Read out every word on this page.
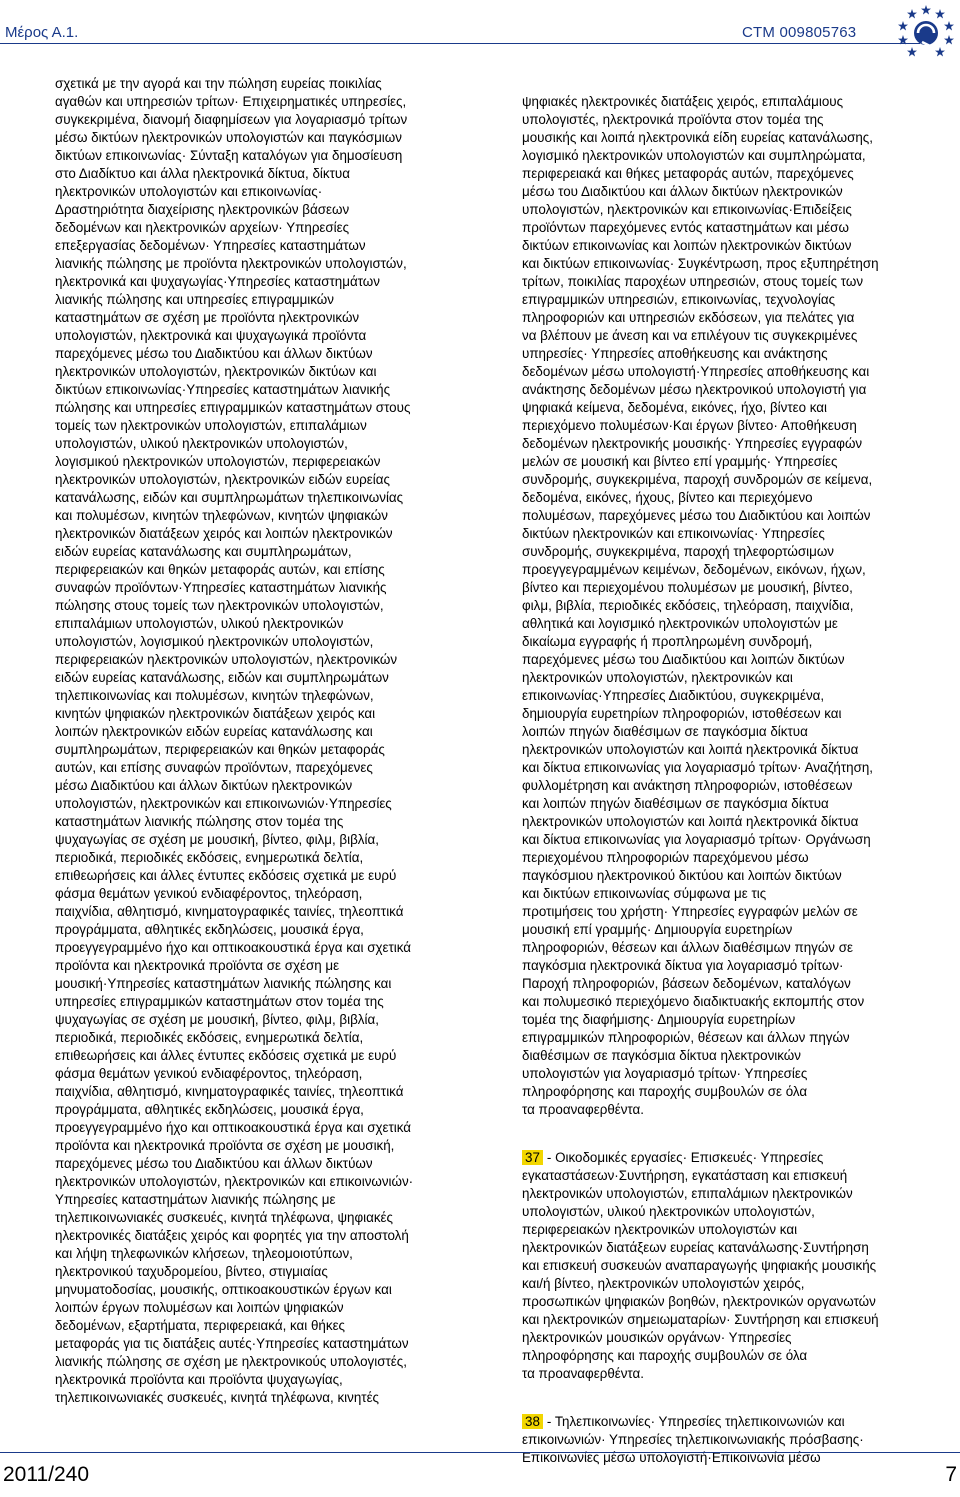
Μέρος Α.1.	CTM 009805763
σχετικά με την αγορά και την πώληση ευρείας ποικιλίας
αγαθών και υπηρεσιών τρίτων· Επιχειρηματικές υπηρεσίες,
συγκεκριμένα, διανομή διαφημίσεων για λογαριασμό τρίτων
μέσω δικτύων ηλεκτρονικών υπολογιστών και παγκόσμιων
δικτύων επικοινωνίας· Σύνταξη καταλόγων για δημοσίευση
στο Διαδίκτυο και άλλα ηλεκτρονικά δίκτυα, δίκτυα
ηλεκτρονικών υπολογιστών και επικοινωνίας·
Δραστηριότητα διαχείρισης ηλεκτρονικών βάσεων
δεδομένων και ηλεκτρονικών αρχείων· Υπηρεσίες
επεξεργασίας δεδομένων· Υπηρεσίες καταστημάτων
λιανικής πώλησης με προϊόντα ηλεκτρονικών υπολογιστών,
ηλεκτρονικά και ψυχαγωγίας·Υπηρεσίες καταστημάτων
λιανικής πώλησης και υπηρεσίες επιγραμμικών
καταστημάτων σε σχέση με προϊόντα ηλεκτρονικών
υπολογιστών, ηλεκτρονικά και ψυχαγωγικά προϊόντα
παρεχόμενες μέσω του Διαδικτύου και άλλων δικτύων
ηλεκτρονικών υπολογιστών, ηλεκτρονικών δικτύων και
δικτύων επικοινωνίας·Υπηρεσίες καταστημάτων λιανικής
πώλησης και υπηρεσίες επιγραμμικών καταστημάτων στους
τομείς των ηλεκτρονικών υπολογιστών, επιπαλάμιων
υπολογιστών, υλικού ηλεκτρονικών υπολογιστών,
λογισμικού ηλεκτρονικών υπολογιστών, περιφερειακών
ηλεκτρονικών υπολογιστών, ηλεκτρονικών ειδών ευρείας
κατανάλωσης, ειδών και συμπληρωμάτων τηλεπικοινωνίας
και πολυμέσων, κινητών τηλεφώνων, κινητών ψηφιακών
ηλεκτρονικών διατάξεων χειρός και λοιπών ηλεκτρονικών
ειδών ευρείας κατανάλωσης και συμπληρωμάτων,
περιφερειακών και θηκών μεταφοράς αυτών, και επίσης
συναφών προϊόντων·Υπηρεσίες καταστημάτων λιανικής
πώλησης στους τομείς των ηλεκτρονικών υπολογιστών,
επιπαλάμιων υπολογιστών, υλικού ηλεκτρονικών
υπολογιστών, λογισμικού ηλεκτρονικών υπολογιστών,
περιφερειακών ηλεκτρονικών υπολογιστών, ηλεκτρονικών
ειδών ευρείας κατανάλωσης, ειδών και συμπληρωμάτων
τηλεπικοινωνίας και πολυμέσων, κινητών τηλεφώνων,
κινητών ψηφιακών ηλεκτρονικών διατάξεων χειρός και
λοιπών ηλεκτρονικών ειδών ευρείας κατανάλωσης και
συμπληρωμάτων, περιφερειακών και θηκών μεταφοράς
αυτών, και επίσης συναφών προϊόντων, παρεχόμενες
μέσω Διαδικτύου και άλλων δικτύων ηλεκτρονικών
υπολογιστών, ηλεκτρονικών και επικοινωνιών·Υπηρεσίες
καταστημάτων λιανικής πώλησης στον τομέα της
ψυχαγωγίας σε σχέση με μουσική, βίντεο, φιλμ, βιβλία,
περιοδικά, περιοδικές εκδόσεις, ενημερωτικά δελτία,
επιθεωρήσεις και άλλες έντυπες εκδόσεις σχετικά με ευρύ
φάσμα θεμάτων γενικού ενδιαφέροντος, τηλεόραση,
παιχνίδια, αθλητισμό, κινηματογραφικές ταινίες, τηλεοπτικά
προγράμματα, αθλητικές εκδηλώσεις, μουσικά έργα,
προεγγεγραμμένο ήχο και οπτικοακουστικά έργα και σχετικά
προϊόντα και ηλεκτρονικά προϊόντα σε σχέση με
μουσική·Υπηρεσίες καταστημάτων λιανικής πώλησης και
υπηρεσίες επιγραμμικών καταστημάτων στον τομέα της
ψυχαγωγίας σε σχέση με μουσική, βίντεο, φιλμ, βιβλία,
περιοδικά, περιοδικές εκδόσεις, ενημερωτικά δελτία,
επιθεωρήσεις και άλλες έντυπες εκδόσεις σχετικά με ευρύ
φάσμα θεμάτων γενικού ενδιαφέροντος, τηλεόραση,
παιχνίδια, αθλητισμό, κινηματογραφικές ταινίες, τηλεοπτικά
προγράμματα, αθλητικές εκδηλώσεις, μουσικά έργα,
προεγγεγραμμένο ήχο και οπτικοακουστικά έργα και σχετικά
προϊόντα και ηλεκτρονικά προϊόντα σε σχέση με μουσική,
παρεχόμενες μέσω του Διαδικτύου και άλλων δικτύων
ηλεκτρονικών υπολογιστών, ηλεκτρονικών και επικοινωνιών·
Υπηρεσίες καταστημάτων λιανικής πώλησης με
τηλεπικοινωνιακές συσκευές, κινητά τηλέφωνα, ψηφιακές
ηλεκτρονικές διατάξεις χειρός και φορητές για την αποστολή
και λήψη τηλεφωνικών κλήσεων, τηλεομοιοτύπων,
ηλεκτρονικού ταχυδρομείου, βίντεο, στιγμιαίας
μηνυματοδοσίας, μουσικής, οπτικοακουστικών έργων και
λοιπών έργων πολυμέσων και λοιπών ψηφιακών
δεδομένων, εξαρτήματα, περιφερειακά, και θήκες
μεταφοράς για τις διατάξεις αυτές·Υπηρεσίες καταστημάτων
λιανικής πώλησης σε σχέση με ηλεκτρονικούς υπολογιστές,
ηλεκτρονικά προϊόντα και προϊόντα ψυχαγωγίας,
τηλεπικοινωνιακές συσκευές, κινητά τηλέφωνα, κινητές

ψηφιακές ηλεκτρονικές διατάξεις χειρός, επιπαλάμιους
υπολογιστές, ηλεκτρονικά προϊόντα στον τομέα της
μουσικής και λοιπά ηλεκτρονικά είδη ευρείας κατανάλωσης,
λογισμικό ηλεκτρονικών υπολογιστών και συμπληρώματα,
περιφερειακά και θήκες μεταφοράς αυτών, παρεχόμενες
μέσω του Διαδικτύου και άλλων δικτύων ηλεκτρονικών
υπολογιστών, ηλεκτρονικών και επικοινωνίας·Επιδείξεις
προϊόντων παρεχόμενες εντός καταστημάτων και μέσω
δικτύων επικοινωνίας και λοιπών ηλεκτρονικών δικτύων
και δικτύων επικοινωνίας· Συγκέντρωση, προς εξυπηρέτηση
τρίτων, ποικιλίας παροχέων υπηρεσιών, στους τομείς των
επιγραμμικών υπηρεσιών, επικοινωνίας, τεχνολογίας
πληροφοριών και υπηρεσιών εκδόσεων, για πελάτες για
να βλέπουν με άνεση και να επιλέγουν τις συγκεκριμένες
υπηρεσίες· Υπηρεσίες αποθήκευσης και ανάκτησης
δεδομένων μέσω υπολογιστή·Υπηρεσίες αποθήκευσης και
ανάκτησης δεδομένων μέσω ηλεκτρονικού υπολογιστή για
ψηφιακά κείμενα, δεδομένα, εικόνες, ήχο, βίντεο και
περιεχόμενο πολυμέσων·Και έργων βίντεο· Αποθήκευση
δεδομένων ηλεκτρονικής μουσικής· Υπηρεσίες εγγραφών
μελών σε μουσική και βίντεο επί γραμμής· Υπηρεσίες
συνδρομής, συγκεκριμένα, παροχή συνδρομών σε κείμενα,
δεδομένα, εικόνες, ήχους, βίντεο και περιεχόμενο
πολυμέσων, παρεχόμενες μέσω του Διαδικτύου και λοιπών
δικτύων ηλεκτρονικών και επικοινωνίας· Υπηρεσίες
συνδρομής, συγκεκριμένα, παροχή τηλεφορτώσιμων
προεγγεγραμμένων κειμένων, δεδομένων, εικόνων, ήχων,
βίντεο και περιεχομένου πολυμέσων με μουσική, βίντεο,
φιλμ, βιβλία, περιοδικές εκδόσεις, τηλεόραση, παιχνίδια,
αθλητικά και λογισμικό ηλεκτρονικών υπολογιστών με
δικαίωμα εγγραφής ή προπληρωμένη συνδρομή,
παρεχόμενες μέσω του Διαδικτύου και λοιπών δικτύων
ηλεκτρονικών υπολογιστών, ηλεκτρονικών και
επικοινωνίας·Υπηρεσίες Διαδικτύου, συγκεκριμένα,
δημιουργία ευρετηρίων πληροφοριών, ιστοθέσεων και
λοιπών πηγών διαθέσιμων σε παγκόσμια δίκτυα
ηλεκτρονικών υπολογιστών και λοιπά ηλεκτρονικά δίκτυα
και δίκτυα επικοινωνίας για λογαριασμό τρίτων· Αναζήτηση,
φυλλομέτρηση και ανάκτηση πληροφοριών, ιστοθέσεων
και λοιπών πηγών διαθέσιμων σε παγκόσμια δίκτυα
ηλεκτρονικών υπολογιστών και λοιπά ηλεκτρονικά δίκτυα
και δίκτυα επικοινωνίας για λογαριασμό τρίτων· Οργάνωση
περιεχομένου πληροφοριών παρεχόμενου μέσω
παγκόσμιου ηλεκτρονικού δικτύου και λοιπών δικτύων
και δικτύων επικοινωνίας σύμφωνα με τις
προτιμήσεις του χρήστη· Υπηρεσίες εγγραφών μελών σε
μουσική επί γραμμής· Δημιουργία ευρετηρίων
πληροφοριών, θέσεων και άλλων διαθέσιμων πηγών σε
παγκόσμια ηλεκτρονικά δίκτυα για λογαριασμό τρίτων·
Παροχή πληροφοριών, βάσεων δεδομένων, καταλόγων
και πολυμεσικό περιεχόμενο διαδικτυακής εκπομπής στον
τομέα της διαφήμισης· Δημιουργία ευρετηρίων
επιγραμμικών πληροφοριών, θέσεων και άλλων πηγών
διαθέσιμων σε παγκόσμια δίκτυα ηλεκτρονικών
υπολογιστών για λογαριασμό τρίτων· Υπηρεσίες
πληροφόρησης και παροχής συμβουλών σε όλα
τα προαναφερθέντα.

37 - Οικοδομικές εργασίες· Επισκευές· Υπηρεσίες
εγκαταστάσεων·Συντήρηση, εγκατάσταση και επισκευή
ηλεκτρονικών υπολογιστών, επιπαλάμιων ηλεκτρονικών
υπολογιστών, υλικού ηλεκτρονικών υπολογιστών,
περιφερειακών ηλεκτρονικών υπολογιστών και
ηλεκτρονικών διατάξεων ευρείας κατανάλωσης·Συντήρηση
και επισκευή συσκευών αναπαραγωγής ψηφιακής μουσικής
και/ή βίντεο, ηλεκτρονικών υπολογιστών χειρός,
προσωπικών ψηφιακών βοηθών, ηλεκτρονικών οργανωτών
και ηλεκτρονικών σημειωματαρίων· Συντήρηση και επισκευή
ηλεκτρονικών μουσικών οργάνων· Υπηρεσίες
πληροφόρησης και παροχής συμβουλών σε όλα
τα προαναφερθέντα.

38 - Τηλεπικοινωνίες· Υπηρεσίες τηλεπικοινωνιών και
επικοινωνιών· Υπηρεσίες τηλεπικοινωνιακής πρόσβασης·
Επικοινωνίες μέσω υπολογιστή·Επικοινωνία μέσω

2011/240	7
